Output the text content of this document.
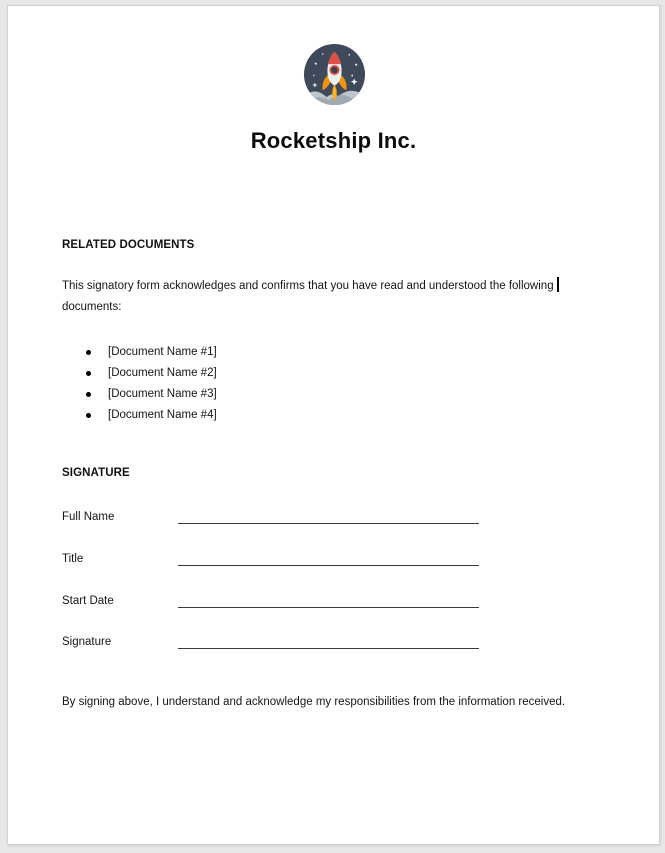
Rocketship Inc.
RELATED DOCUMENTS

This signatory form acknowledges and confirms that you have read and understood the following
documents:

[Document Name #1]
[Document Name #2]
[Document Name #3]
[Document Name #4]
SIGNATURE
Full Name
Title
Start Date
Signature

By signing above, I understand and acknowledge my responsibilities from the information received.
